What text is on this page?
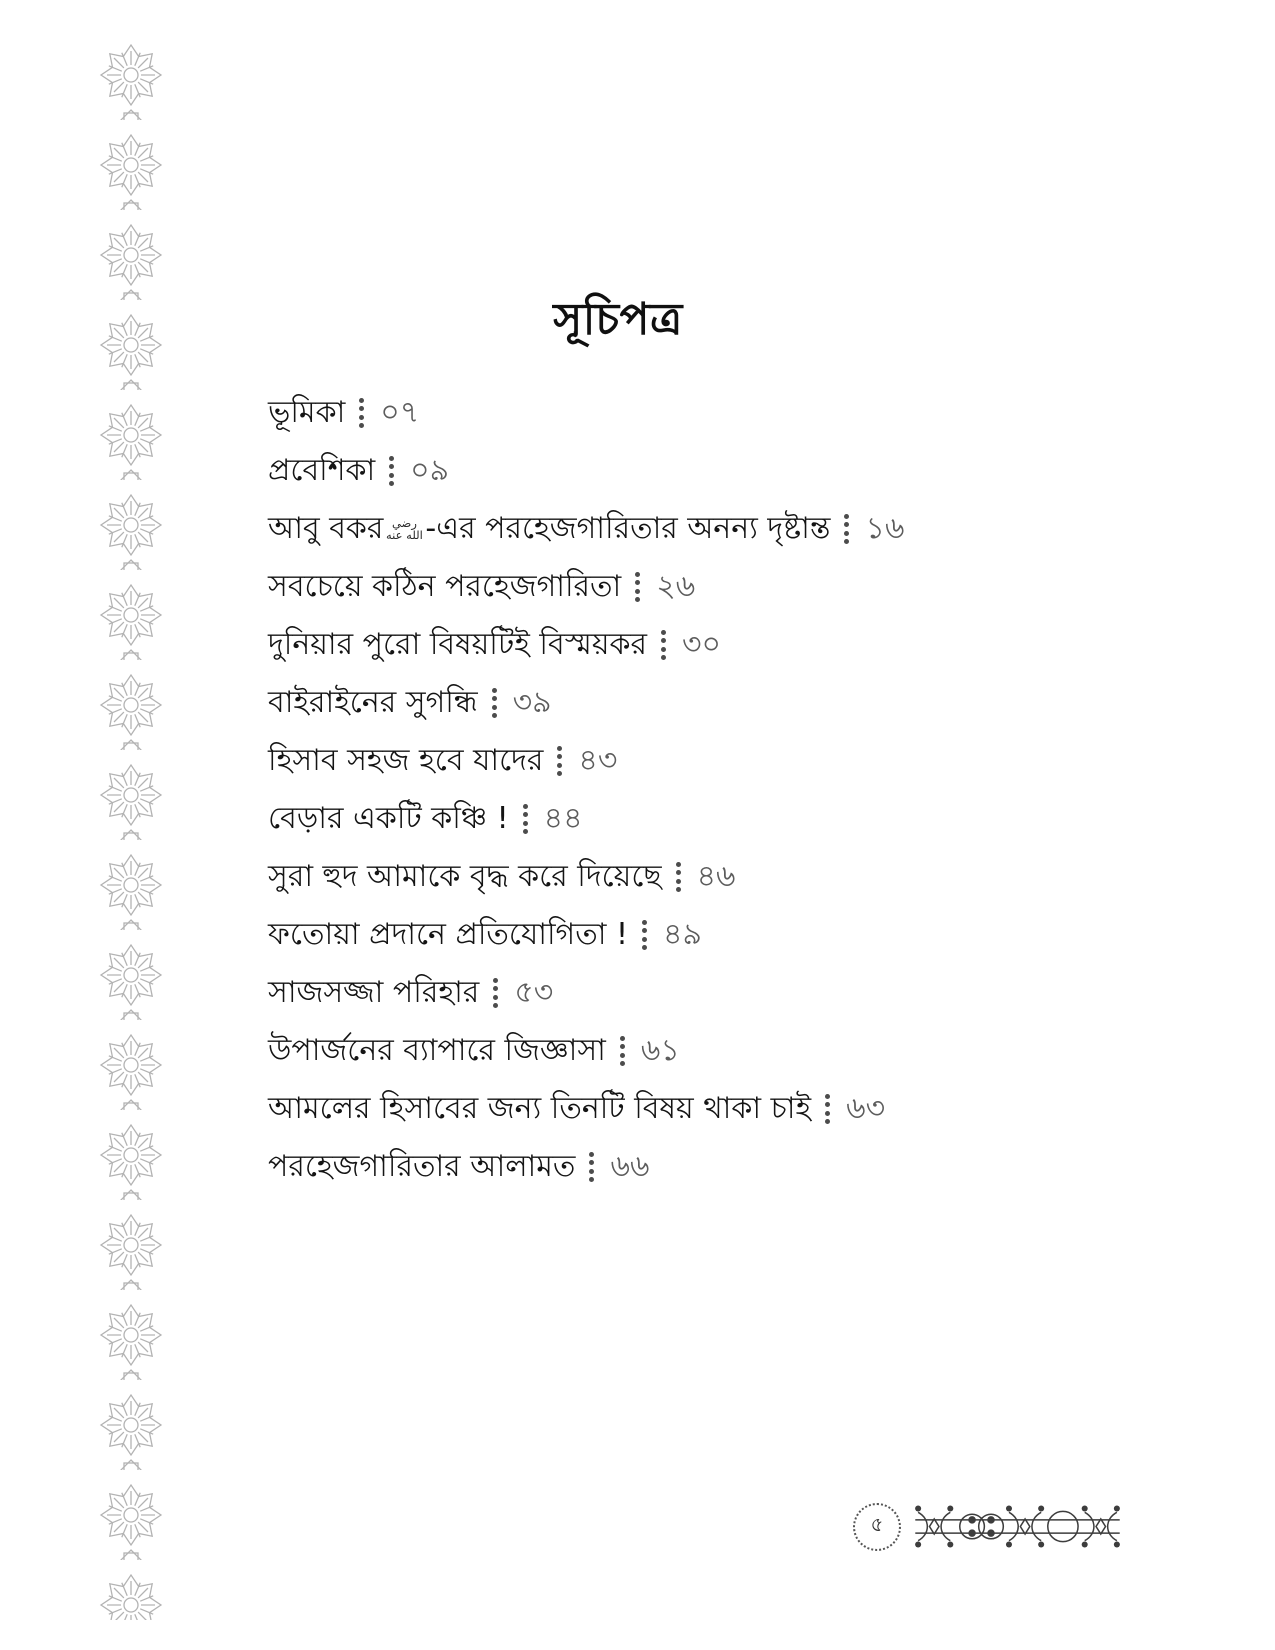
সূচিপত্র
ভূমিকা ০৭
প্রবেশিকা ০৯
আবু বকর رضي الله عنه -এর পরহেজগারিতার অনন্য দৃষ্টান্ত ১৬
সবচেয়ে কঠিন পরহেজগারিতা ২৬
দুনিয়ার পুরো বিষয়টিই বিস্ময়কর ৩০
বাইরাইনের সুগন্ধি ৩৯
হিসাব সহজ হবে যাদের ৪৩
বেড়ার একটি কঞ্চি ! ৪৪
সুরা হুদ আমাকে বৃদ্ধ করে দিয়েছে ৪৬
ফতোয়া প্রদানে প্রতিযোগিতা ! ৪৯
সাজসজ্জা পরিহার ৫৩
উপার্জনের ব্যাপারে জিজ্ঞাসা ৬১
আমলের হিসাবের জন্য তিনটি বিষয় থাকা চাই ৬৩
পরহেজগারিতার আলামত ৬৬
৫
